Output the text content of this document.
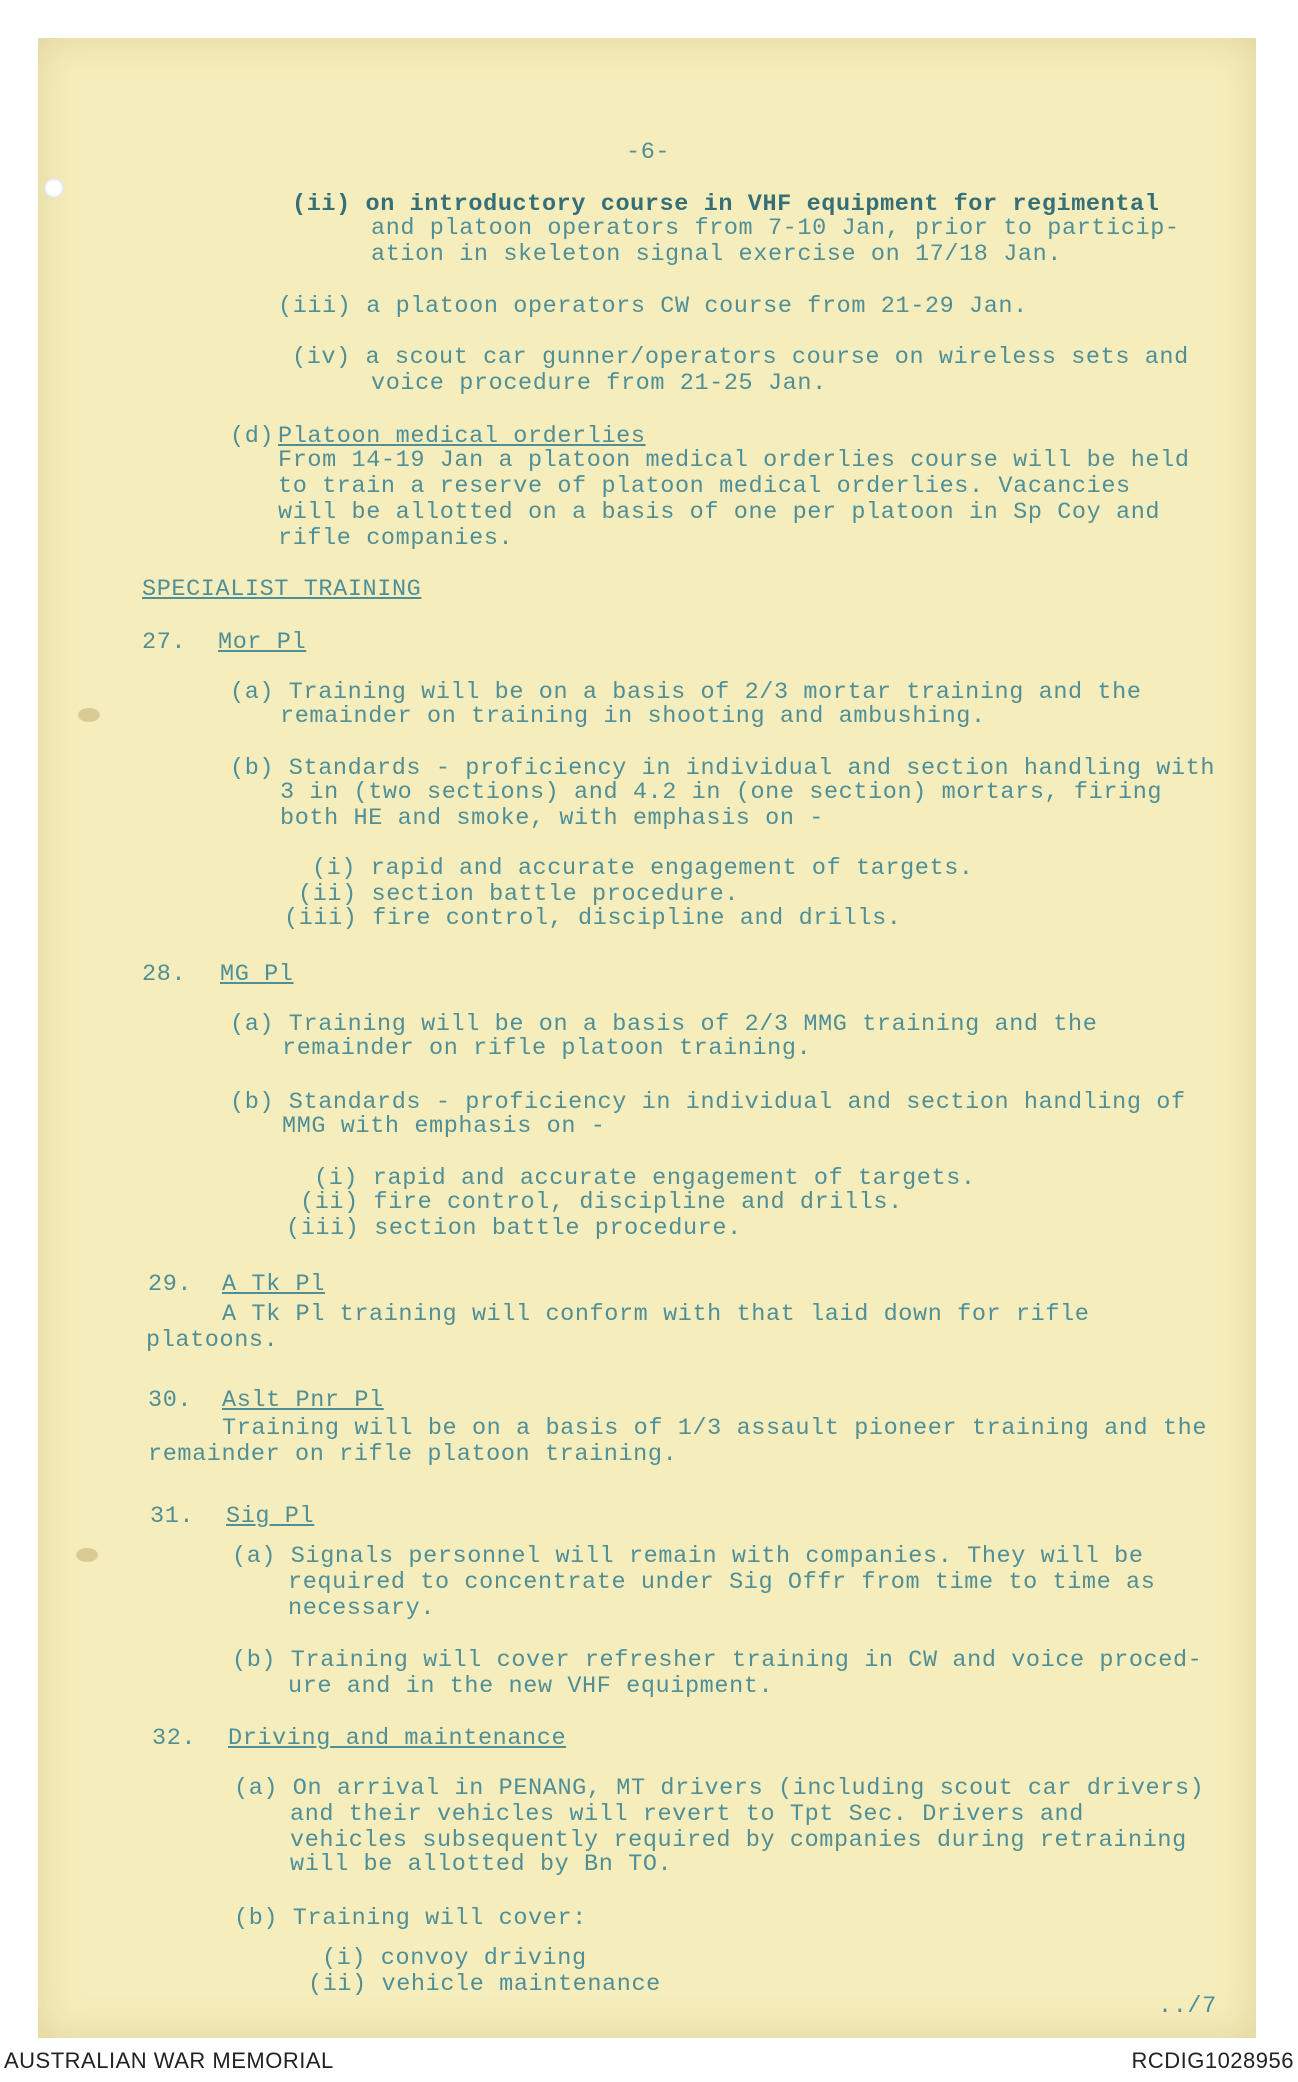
-6-
(ii) on introductory course in VHF equipment for regimental
and platoon operators from 7-10 Jan, prior to particip-
ation in skeleton signal exercise on 17/18 Jan.
(iii) a platoon operators CW course from 21-29 Jan.
(iv) a scout car gunner/operators course on wireless sets and
voice procedure from 21-25 Jan.
(d) Platoon medical orderlies
From 14-19 Jan a platoon medical orderlies course will be held
to train a reserve of platoon medical orderlies. Vacancies
will be allotted on a basis of one per platoon in Sp Coy and
rifle companies.
SPECIALIST TRAINING
27. Mor Pl
(a) Training will be on a basis of 2/3 mortar training and the
remainder on training in shooting and ambushing.
(b) Standards - proficiency in individual and section handling with
3 in (two sections) and 4.2 in (one section) mortars, firing
both HE and smoke, with emphasis on -
(i) rapid and accurate engagement of targets.
(ii) section battle procedure.
(iii) fire control, discipline and drills.
28. MG Pl
(a) Training will be on a basis of 2/3 MMG training and the
remainder on rifle platoon training.
(b) Standards - proficiency in individual and section handling of
MMG with emphasis on -
(i) rapid and accurate engagement of targets.
(ii) fire control, discipline and drills.
(iii) section battle procedure.
29. A Tk Pl
A Tk Pl training will conform with that laid down for rifle
platoons.
30. Aslt Pnr Pl
Training will be on a basis of 1/3 assault pioneer training and the
remainder on rifle platoon training.
31. Sig Pl
(a) Signals personnel will remain with companies. They will be
required to concentrate under Sig Offr from time to time as
necessary.
(b) Training will cover refresher training in CW and voice proced-
ure and in the new VHF equipment.
32. Driving and maintenance
(a) On arrival in PENANG, MT drivers (including scout car drivers)
and their vehicles will revert to Tpt Sec. Drivers and
vehicles subsequently required by companies during retraining
will be allotted by Bn TO.
(b) Training will cover:
(i) convoy driving
(ii) vehicle maintenance
../7
AUSTRALIAN WAR MEMORIAL	RCDIG1028956
